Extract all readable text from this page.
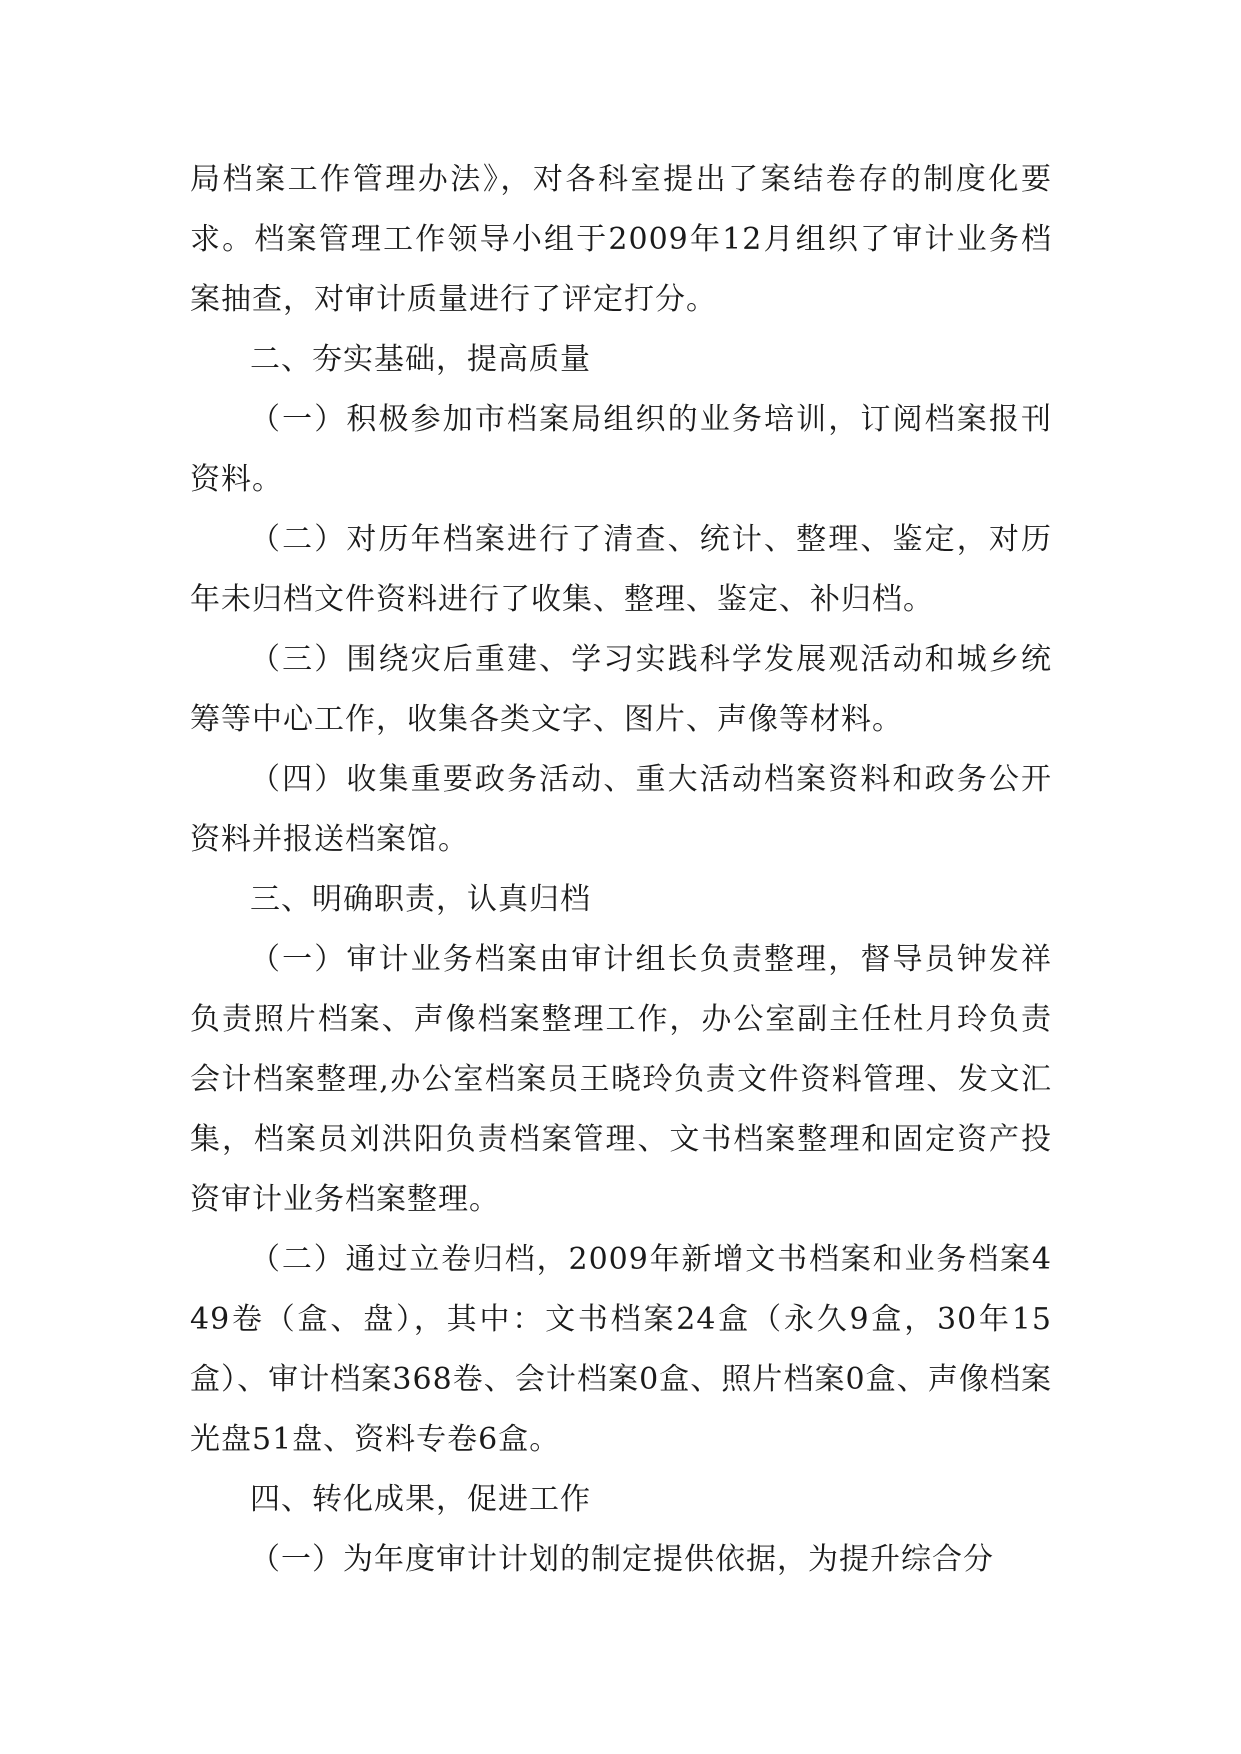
局档案工作管理办法》，对各科室提出了案结卷存的制度化要求。档案管理工作领导小组于2009年12月组织了审计业务档案抽查，对审计质量进行了评定打分。

二、夯实基础，提高质量

（一）积极参加市档案局组织的业务培训，订阅档案报刊资料。

（二）对历年档案进行了清查、统计、整理、鉴定，对历年未归档文件资料进行了收集、整理、鉴定、补归档。

（三）围绕灾后重建、学习实践科学发展观活动和城乡统筹等中心工作，收集各类文字、图片、声像等材料。

（四）收集重要政务活动、重大活动档案资料和政务公开资料并报送档案馆。

三、明确职责，认真归档

（一）审计业务档案由审计组长负责整理，督导员钟发祥负责照片档案、声像档案整理工作，办公室副主任杜月玲负责会计档案整理,办公室档案员王晓玲负责文件资料管理、发文汇集，档案员刘洪阳负责档案管理、文书档案整理和固定资产投资审计业务档案整理。

（二）通过立卷归档，2009年新增文书档案和业务档案449卷（盒、盘），其中：文书档案24盒（永久9盒，30年15盒）、审计档案368卷、会计档案0盒、照片档案0盒、声像档案光盘51盘、资料专卷6盒。

四、转化成果，促进工作

（一）为年度审计计划的制定提供依据，为提升综合分
